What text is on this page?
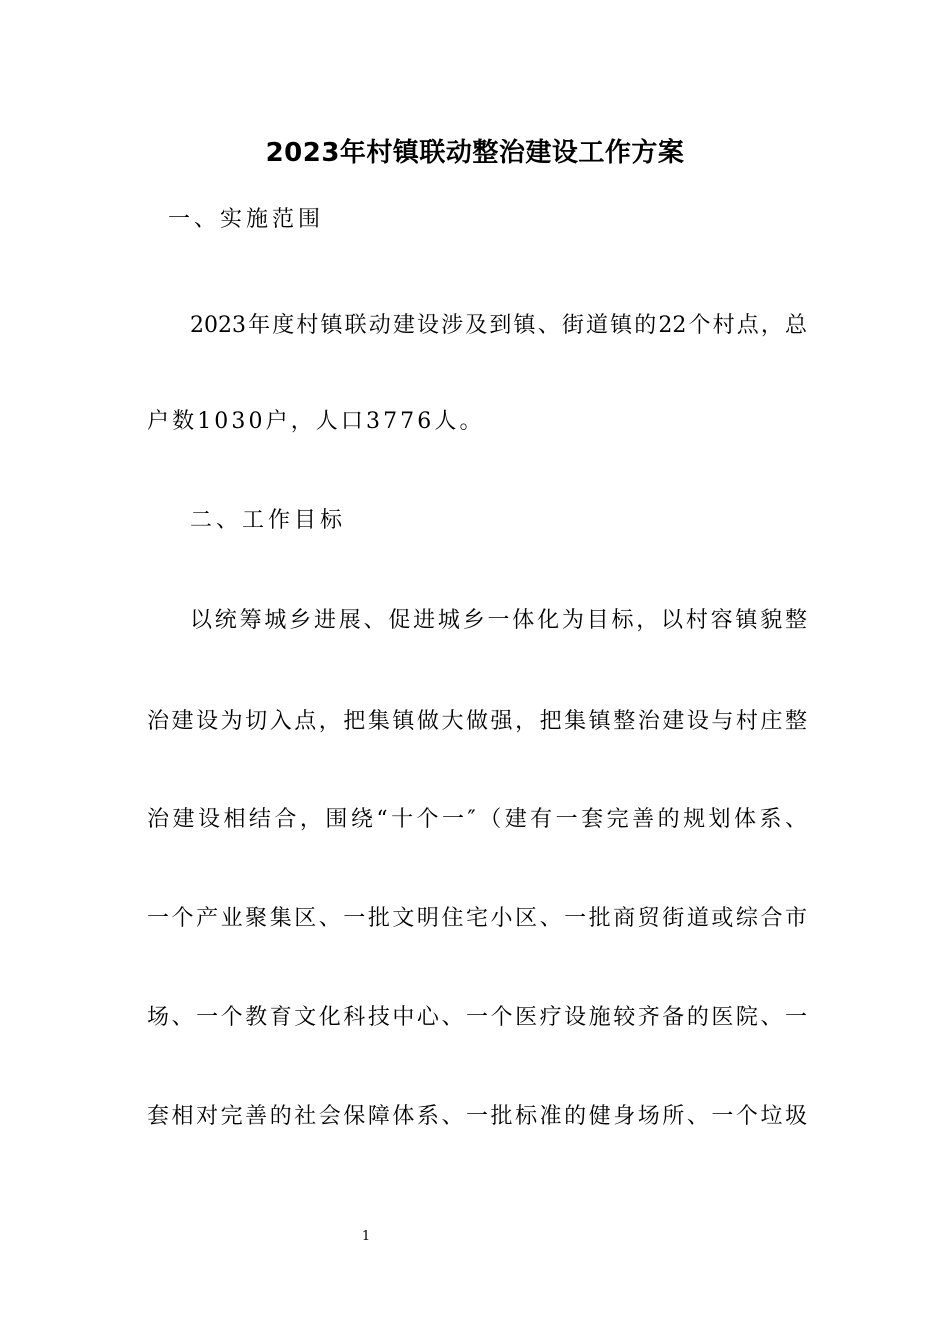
2023年村镇联动整治建设工作方案
一、实施范围
2023年度村镇联动建设涉及到镇、街道镇的22个村点，总
户数1030户，人口3776人。
二、工作目标
以统筹城乡进展、促进城乡一体化为目标，以村容镇貌整
治建设为切入点，把集镇做大做强，把集镇整治建设与村庄整
治建设相结合，围绕“十个一″（建有一套完善的规划体系、
一个产业聚集区、一批文明住宅小区、一批商贸街道或综合市
场、一个教育文化科技中心、一个医疗设施较齐备的医院、一
套相对完善的社会保障体系、一批标准的健身场所、一个垃圾
1
